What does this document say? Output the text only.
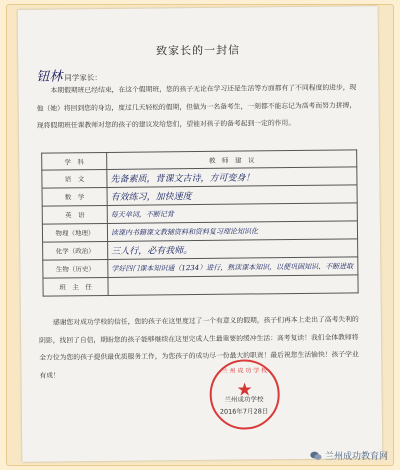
致家长的一封信
钮林 同学家长：
本期假期班已经结束，在这个假期班，您的孩子无论在学习还是生活等方面都有了不同程度的进步，现他（她）将回到您的身边，度过几天轻松的假期，但做为一名备考生，一刻都不能忘记为高考而努力拼搏，现将假期班任课教师对您的孩子的建议发给您们，望能对孩子的备考起到一定的作用。
学　科	教　师　建　议
语　文	先备素质，背课文古诗，方可变身！
数　学	有效练习，加快速度
英　语	每天单词，不断记背
物理（地理）	读课内书籍课文教辅资料和资料复习理论知识化
化学（政治）	三人行，必有我师。
生物（历史）	学好四门课本知识通（1234）进行，熟读课本知识，以便巩固知识、不断进取
班　主　任	
感谢您对成功学校的信任，您的孩子在这里度过了一个有意义的假期，孩子们再本上走出了高考失利的阴影，找回了自信，期盼您的孩子能够继续在这里完成人生最重要的缓冲生活：高考复读！我们全体教师将全方位为您的孩子提供最优质服务工作，为您孩子的成功尽一份最大的职责！最后祝您生活愉快！孩子学业有成！	兰 州 成 功 学 校
★
兰州成功学校
2016年7月28日
兰州成功教育网
